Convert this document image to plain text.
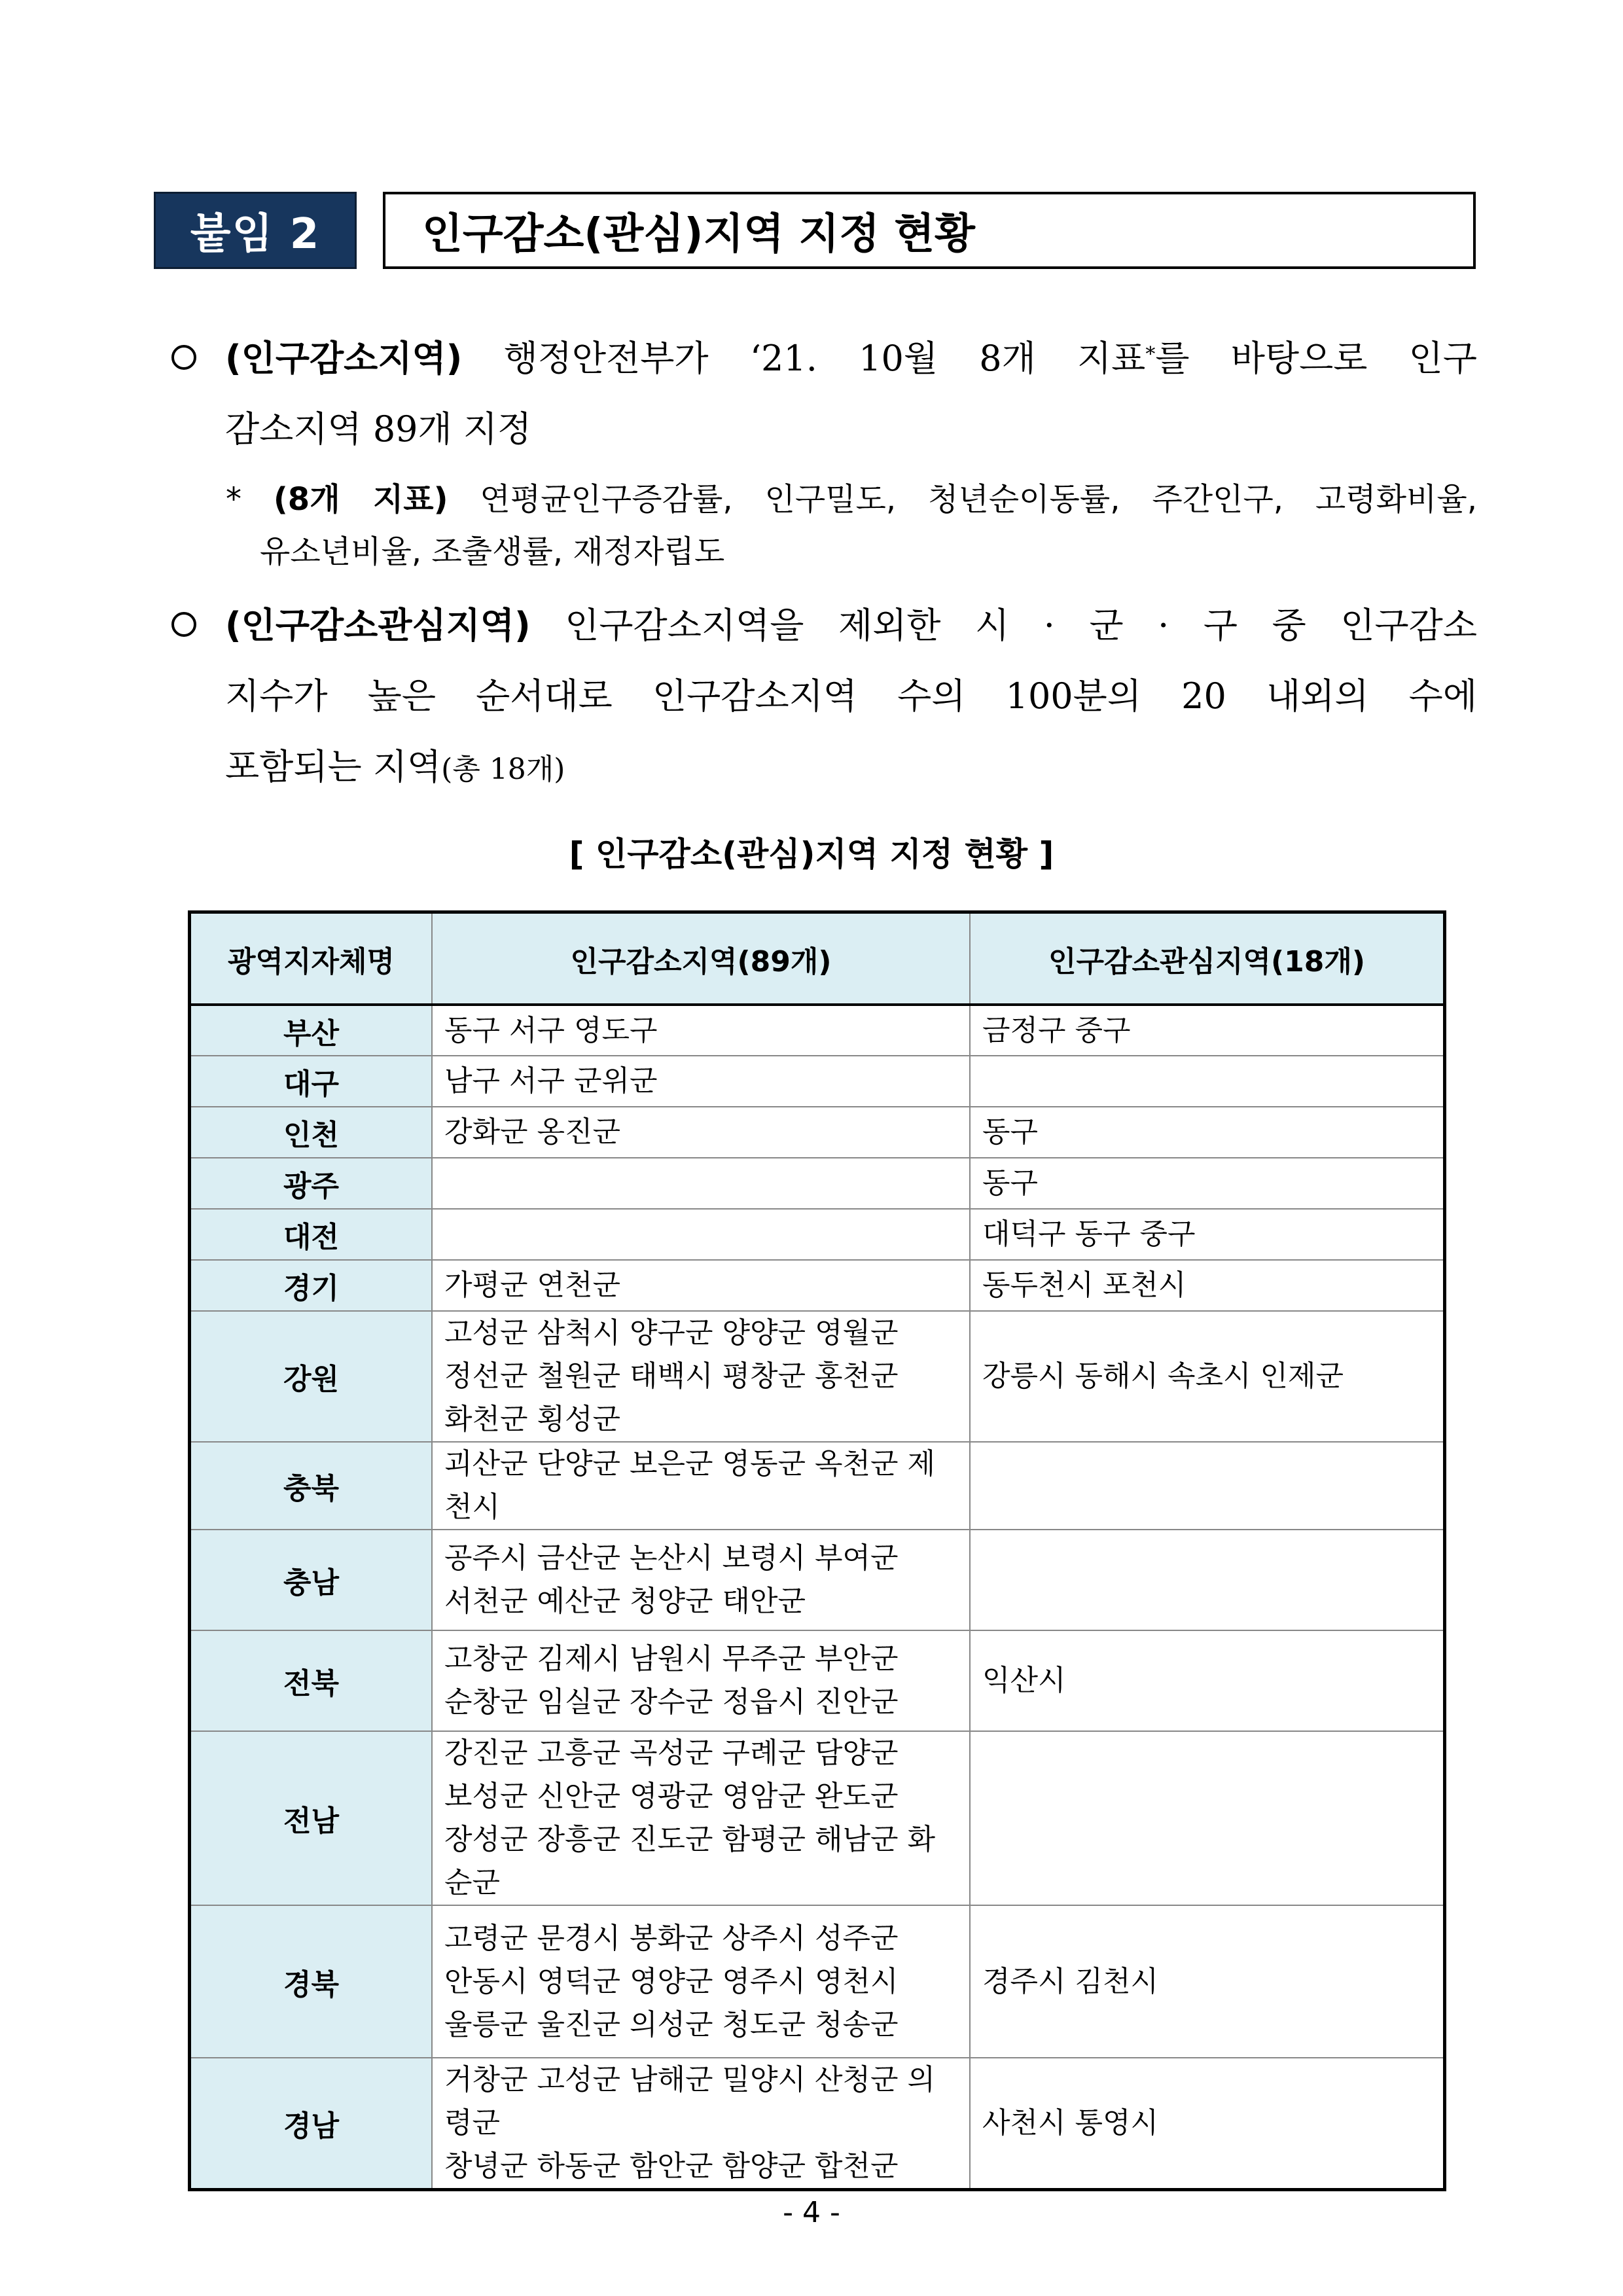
붙임 2	인구감소(관심)지역 지정 현황
(인구감소지역) 행정안전부가 ‘21. 10월 8개 지표*를 바탕으로 인구
감소지역 89개 지정
* (8개 지표) 연평균인구증감률, 인구밀도, 청년순이동률, 주간인구, 고령화비율,
유소년비율, 조출생률, 재정자립도
(인구감소관심지역) 인구감소지역을 제외한 시 · 군 · 구 중 인구감소
지수가 높은 순서대로 인구감소지역 수의 100분의 20 내외의 수에
포함되는 지역(총 18개)
[ 인구감소(관심)지역 지정 현황 ]
광역지자체명	인구감소지역(89개)	인구감소관심지역(18개)
부산	동구 서구 영도구	금정구 중구

대구	남구 서구 군위군	

인천	강화군 옹진군	동구

광주		동구

대전		대덕구 동구 중구

경기	가평군 연천군	동두천시 포천시

강원	고성군 삼척시 양구군 양양군 영월군
정선군 철원군 태백시 평창군 홍천군
화천군 횡성군	강릉시 동해시 속초시 인제군

충북	괴산군 단양군 보은군 영동군 옥천군 제천시	

충남	공주시 금산군 논산시 보령시 부여군
서천군 예산군 청양군 태안군	

전북	고창군 김제시 남원시 무주군 부안군
순창군 임실군 장수군 정읍시 진안군	익산시

전남	강진군 고흥군 곡성군 구례군 담양군
보성군 신안군 영광군 영암군 완도군
장성군 장흥군 진도군 함평군 해남군 화순군	

경북	고령군 문경시 봉화군 상주시 성주군
안동시 영덕군 영양군 영주시 영천시
울릉군 울진군 의성군 청도군 청송군	경주시 김천시

경남	거창군 고성군 남해군 밀양시 산청군 의령군
창녕군 하동군 함안군 함양군 합천군	사천시 통영시
- 4 -
